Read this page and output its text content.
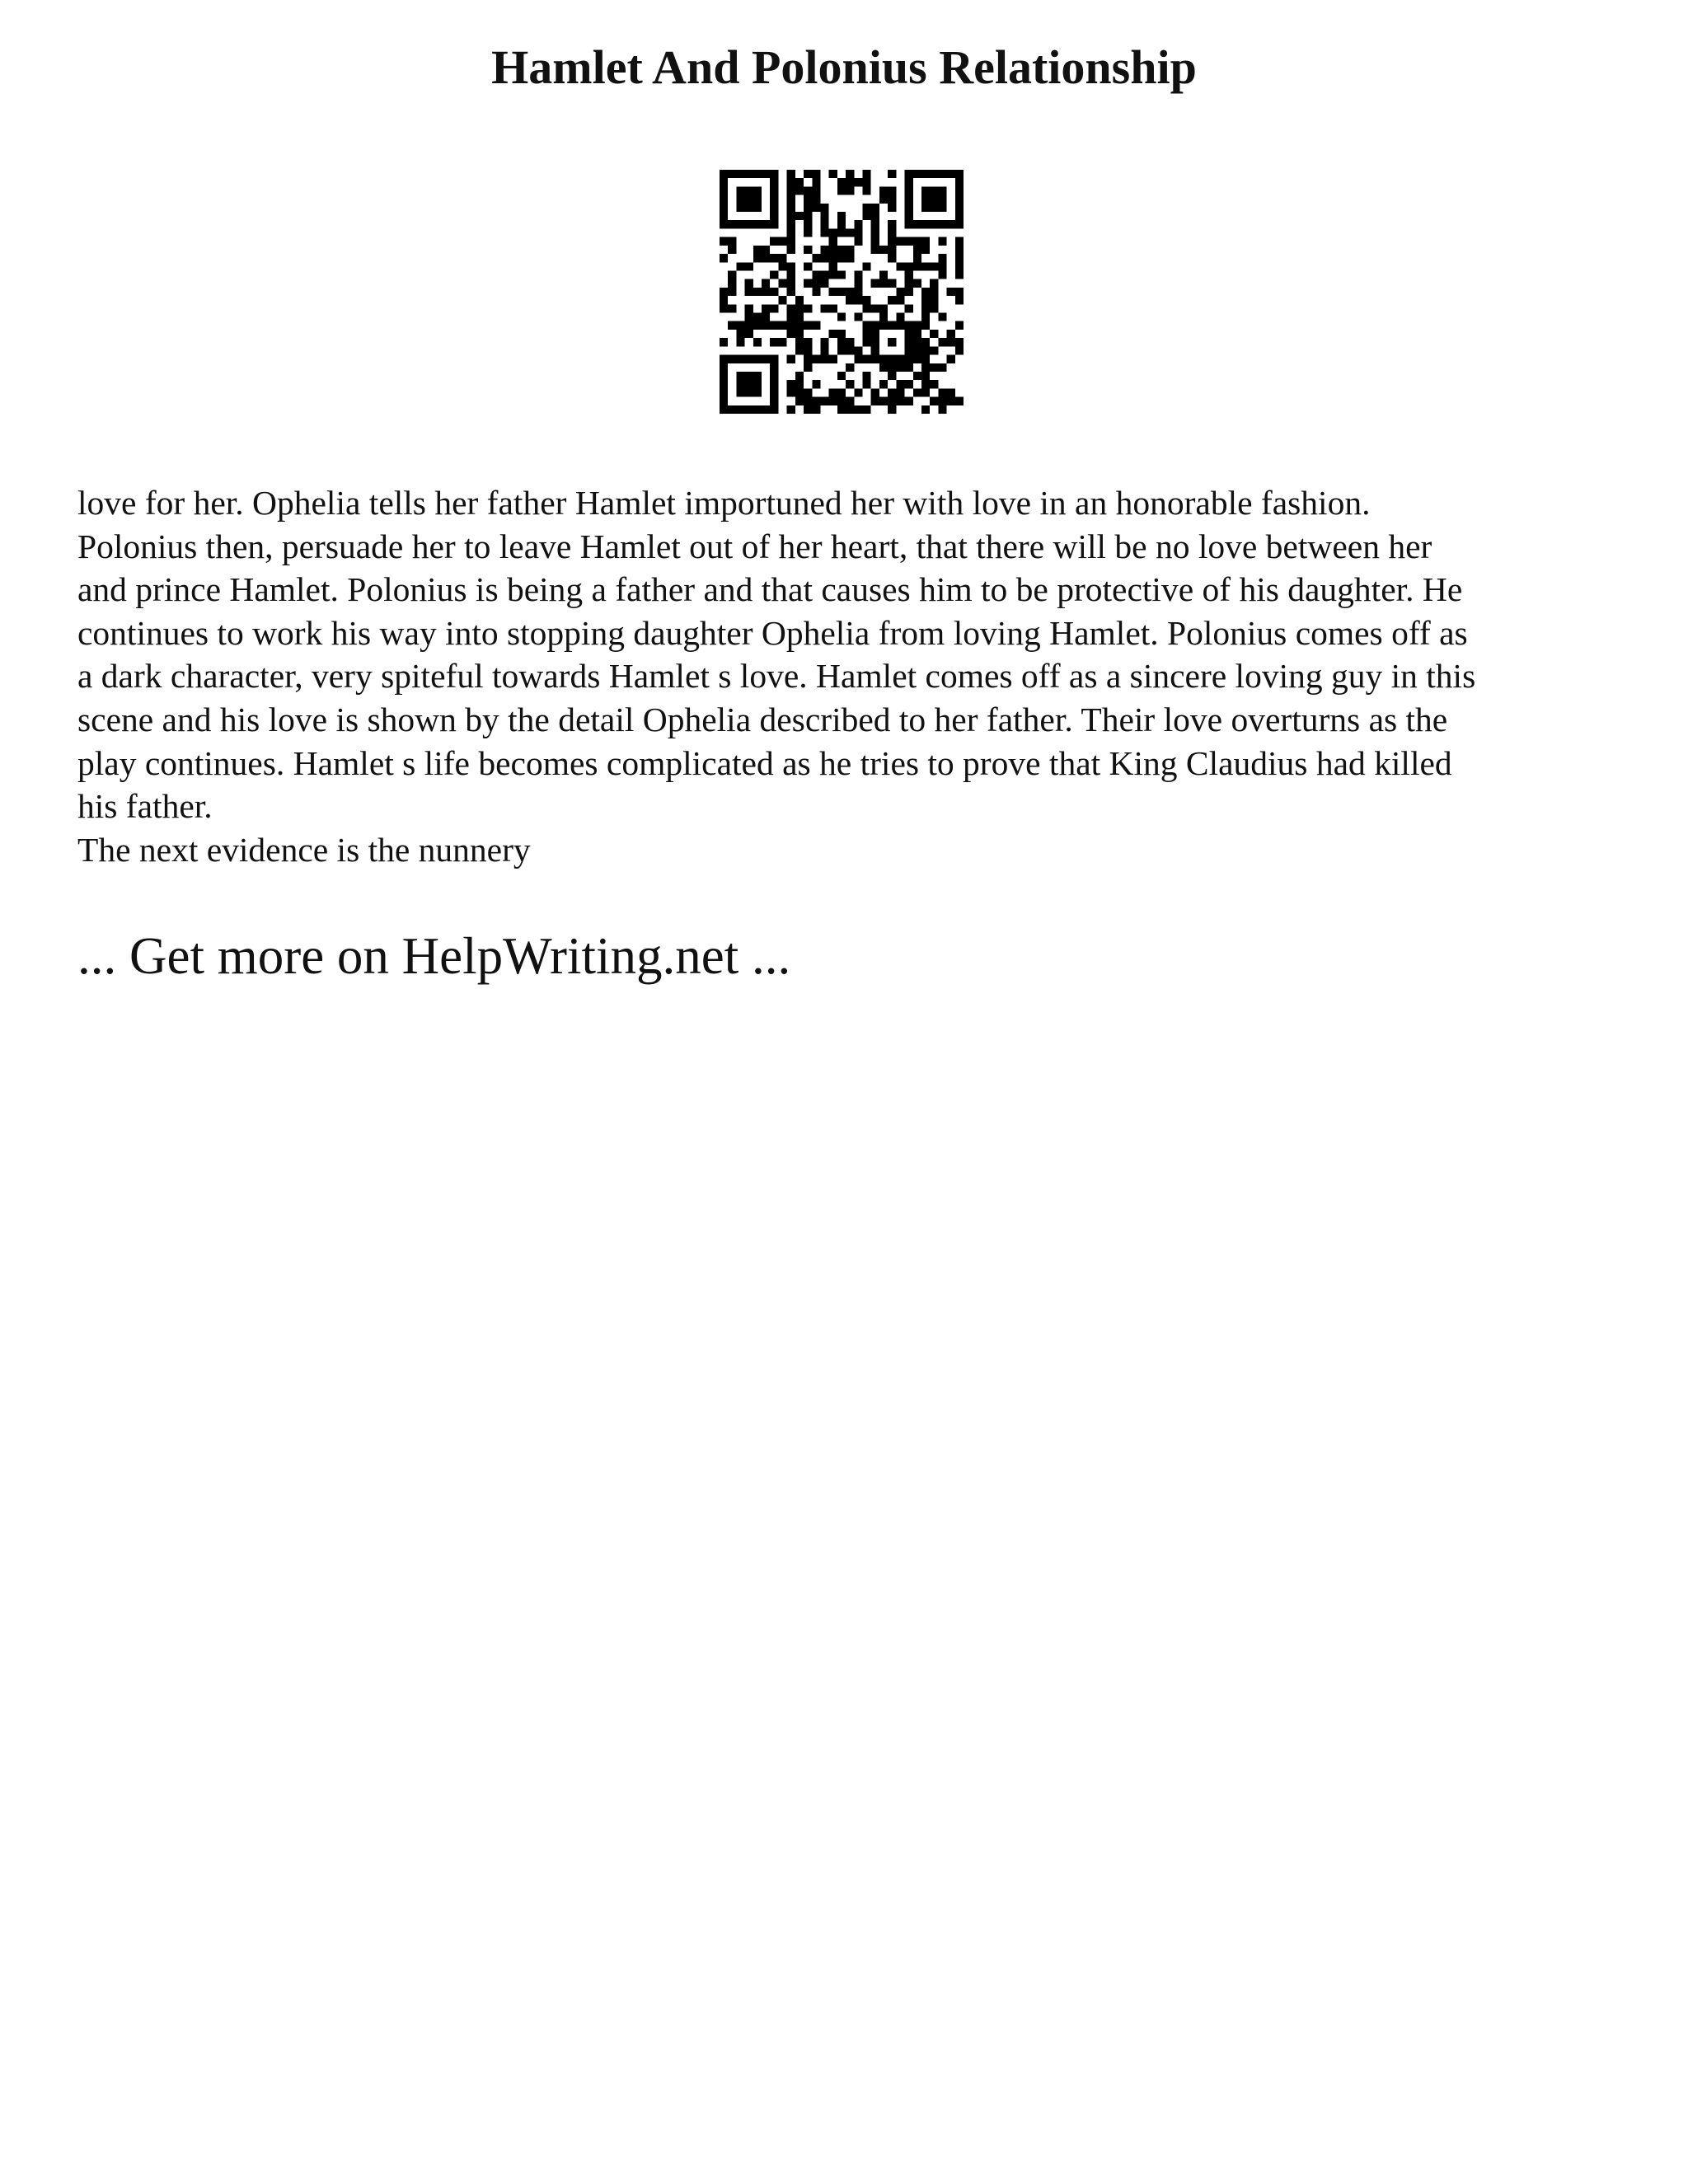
Hamlet And Polonius Relationship
love for her. Ophelia tells her father Hamlet importuned her with love in an honorable fashion.
Polonius then, persuade her to leave Hamlet out of her heart, that there will be no love between her
and prince Hamlet. Polonius is being a father and that causes him to be protective of his daughter. He
continues to work his way into stopping daughter Ophelia from loving Hamlet. Polonius comes off as
a dark character, very spiteful towards Hamlet s love. Hamlet comes off as a sincere loving guy in this
scene and his love is shown by the detail Ophelia described to her father. Their love overturns as the
play continues. Hamlet s life becomes complicated as he tries to prove that King Claudius had killed
his father.
The next evidence is the nunnery
... Get more on HelpWriting.net ...
